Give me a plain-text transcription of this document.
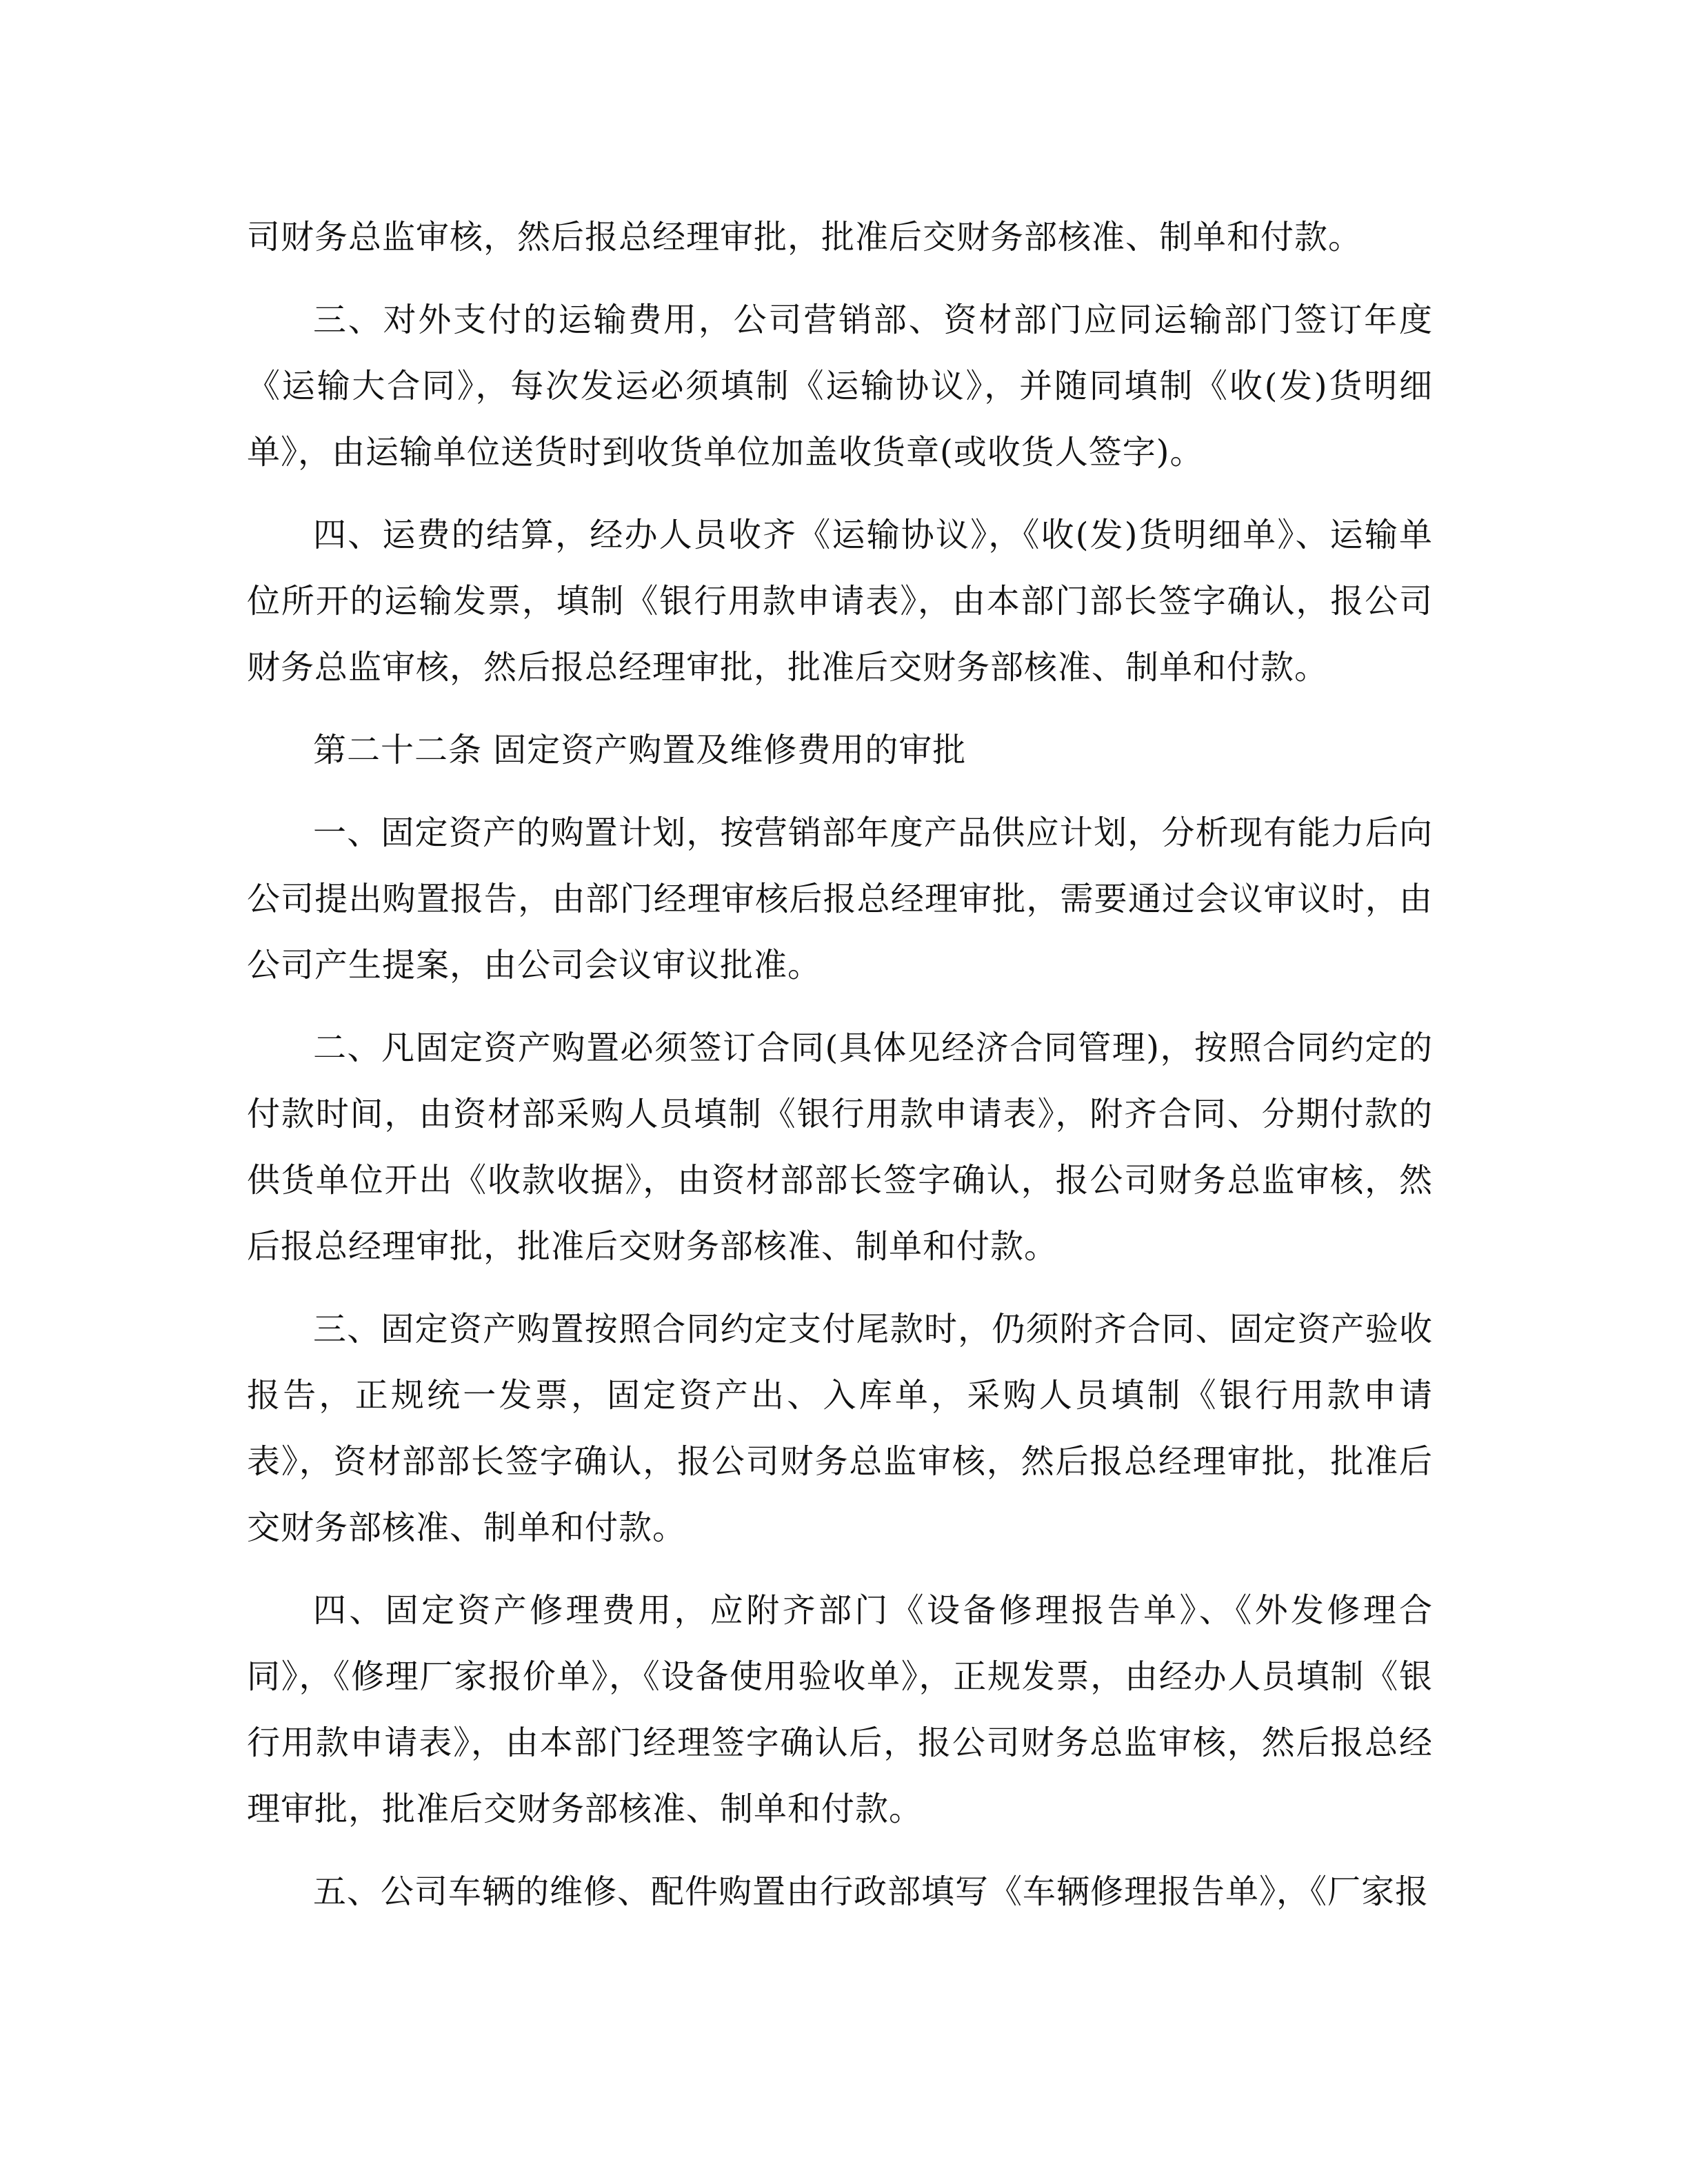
司财务总监审核，然后报总经理审批，批准后交财务部核准、制单和付款。

三、对外支付的运输费用，公司营销部、资材部门应同运输部门签订年度《运输大合同》，每次发运必须填制《运输协议》，并随同填制《收(发)货明细单》，由运输单位送货时到收货单位加盖收货章(或收货人签字)。

四、运费的结算，经办人员收齐《运输协议》，《收(发)货明细单》、运输单位所开的运输发票，填制《银行用款申请表》，由本部门部长签字确认，报公司财务总监审核，然后报总经理审批，批准后交财务部核准、制单和付款。

第二十二条 固定资产购置及维修费用的审批

一、固定资产的购置计划，按营销部年度产品供应计划，分析现有能力后向公司提出购置报告，由部门经理审核后报总经理审批，需要通过会议审议时，由公司产生提案，由公司会议审议批准。

二、凡固定资产购置必须签订合同(具体见经济合同管理)，按照合同约定的付款时间，由资材部采购人员填制《银行用款申请表》，附齐合同、分期付款的供货单位开出《收款收据》，由资材部部长签字确认，报公司财务总监审核，然后报总经理审批，批准后交财务部核准、制单和付款。

三、固定资产购置按照合同约定支付尾款时，仍须附齐合同、固定资产验收报告，正规统一发票，固定资产出、入库单，采购人员填制《银行用款申请表》，资材部部长签字确认，报公司财务总监审核，然后报总经理审批，批准后交财务部核准、制单和付款。

四、固定资产修理费用，应附齐部门《设备修理报告单》、《外发修理合同》，《修理厂家报价单》，《设备使用验收单》，正规发票，由经办人员填制《银行用款申请表》，由本部门经理签字确认后，报公司财务总监审核，然后报总经理审批，批准后交财务部核准、制单和付款。

五、公司车辆的维修、配件购置由行政部填写《车辆修理报告单》，《厂家报
